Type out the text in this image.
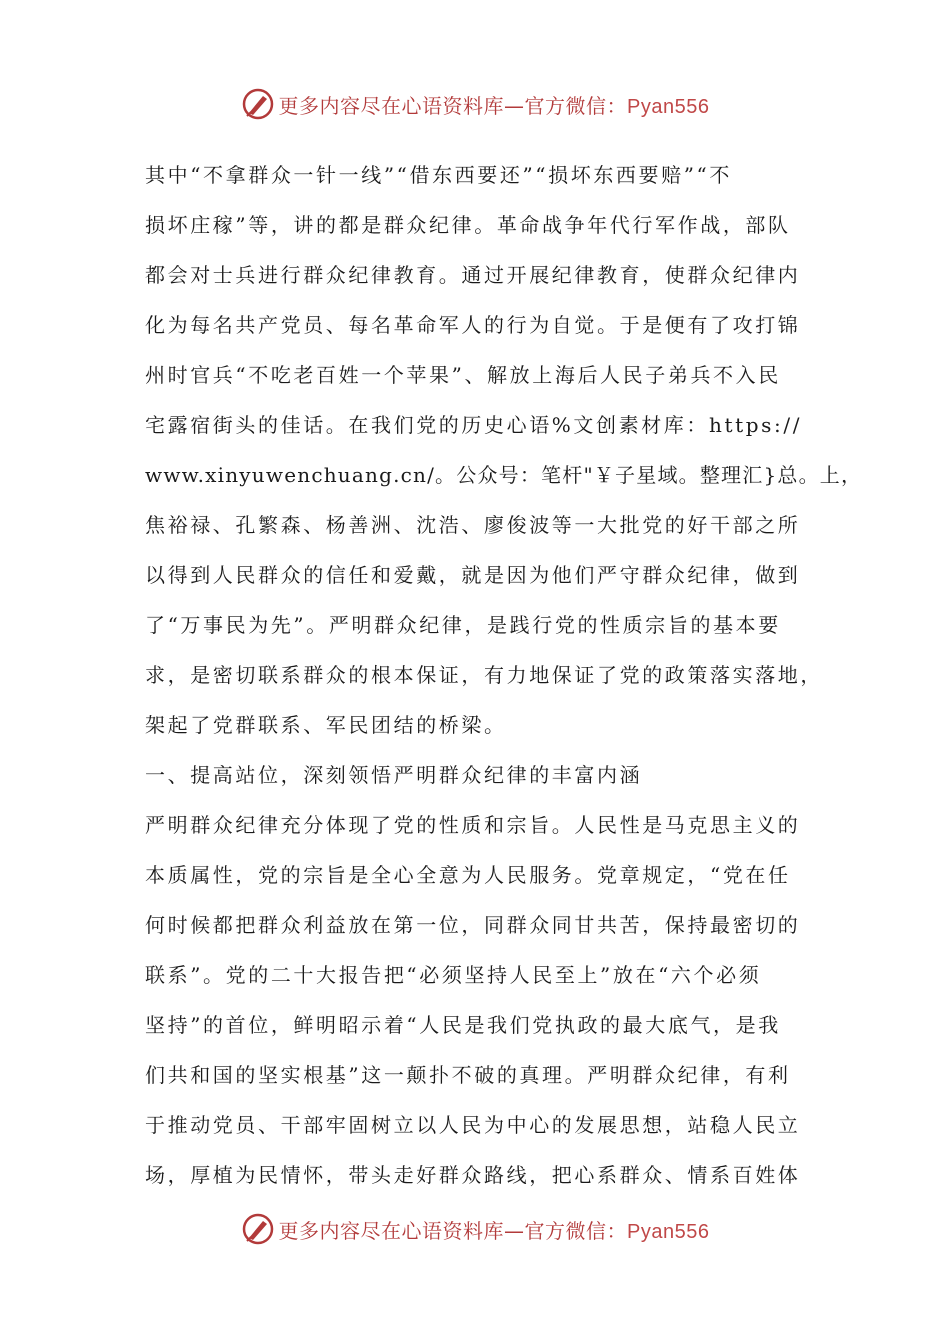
更多内容尽在心语资料库—官方微信：Pyan556
其中“不拿群众一针一线”“借东西要还”“损坏东西要赔”“不
损坏庄稼”等，讲的都是群众纪律。革命战争年代行军作战，部队
都会对士兵进行群众纪律教育。通过开展纪律教育，使群众纪律内
化为每名共产党员、每名革命军人的行为自觉。于是便有了攻打锦
州时官兵“不吃老百姓一个苹果”、解放上海后人民子弟兵不入民
宅露宿街头的佳话。在我们党的历史心语%文创素材库：https://
www.xinyuwenchuang.cn/。公众号：笔杆"￥子星域。整理汇}总。上，
焦裕禄、孔繁森、杨善洲、沈浩、廖俊波等一大批党的好干部之所
以得到人民群众的信任和爱戴，就是因为他们严守群众纪律，做到
了“万事民为先”。严明群众纪律，是践行党的性质宗旨的基本要
求，是密切联系群众的根本保证，有力地保证了党的政策落实落地，
架起了党群联系、军民团结的桥梁。
一、提高站位，深刻领悟严明群众纪律的丰富内涵
严明群众纪律充分体现了党的性质和宗旨。人民性是马克思主义的
本质属性，党的宗旨是全心全意为人民服务。党章规定，“党在任
何时候都把群众利益放在第一位，同群众同甘共苦，保持最密切的
联系”。党的二十大报告把“必须坚持人民至上”放在“六个必须
坚持”的首位，鲜明昭示着“人民是我们党执政的最大底气，是我
们共和国的坚实根基”这一颠扑不破的真理。严明群众纪律，有利
于推动党员、干部牢固树立以人民为中心的发展思想，站稳人民立
场，厚植为民情怀，带头走好群众路线，把心系群众、情系百姓体
更多内容尽在心语资料库—官方微信：Pyan556
